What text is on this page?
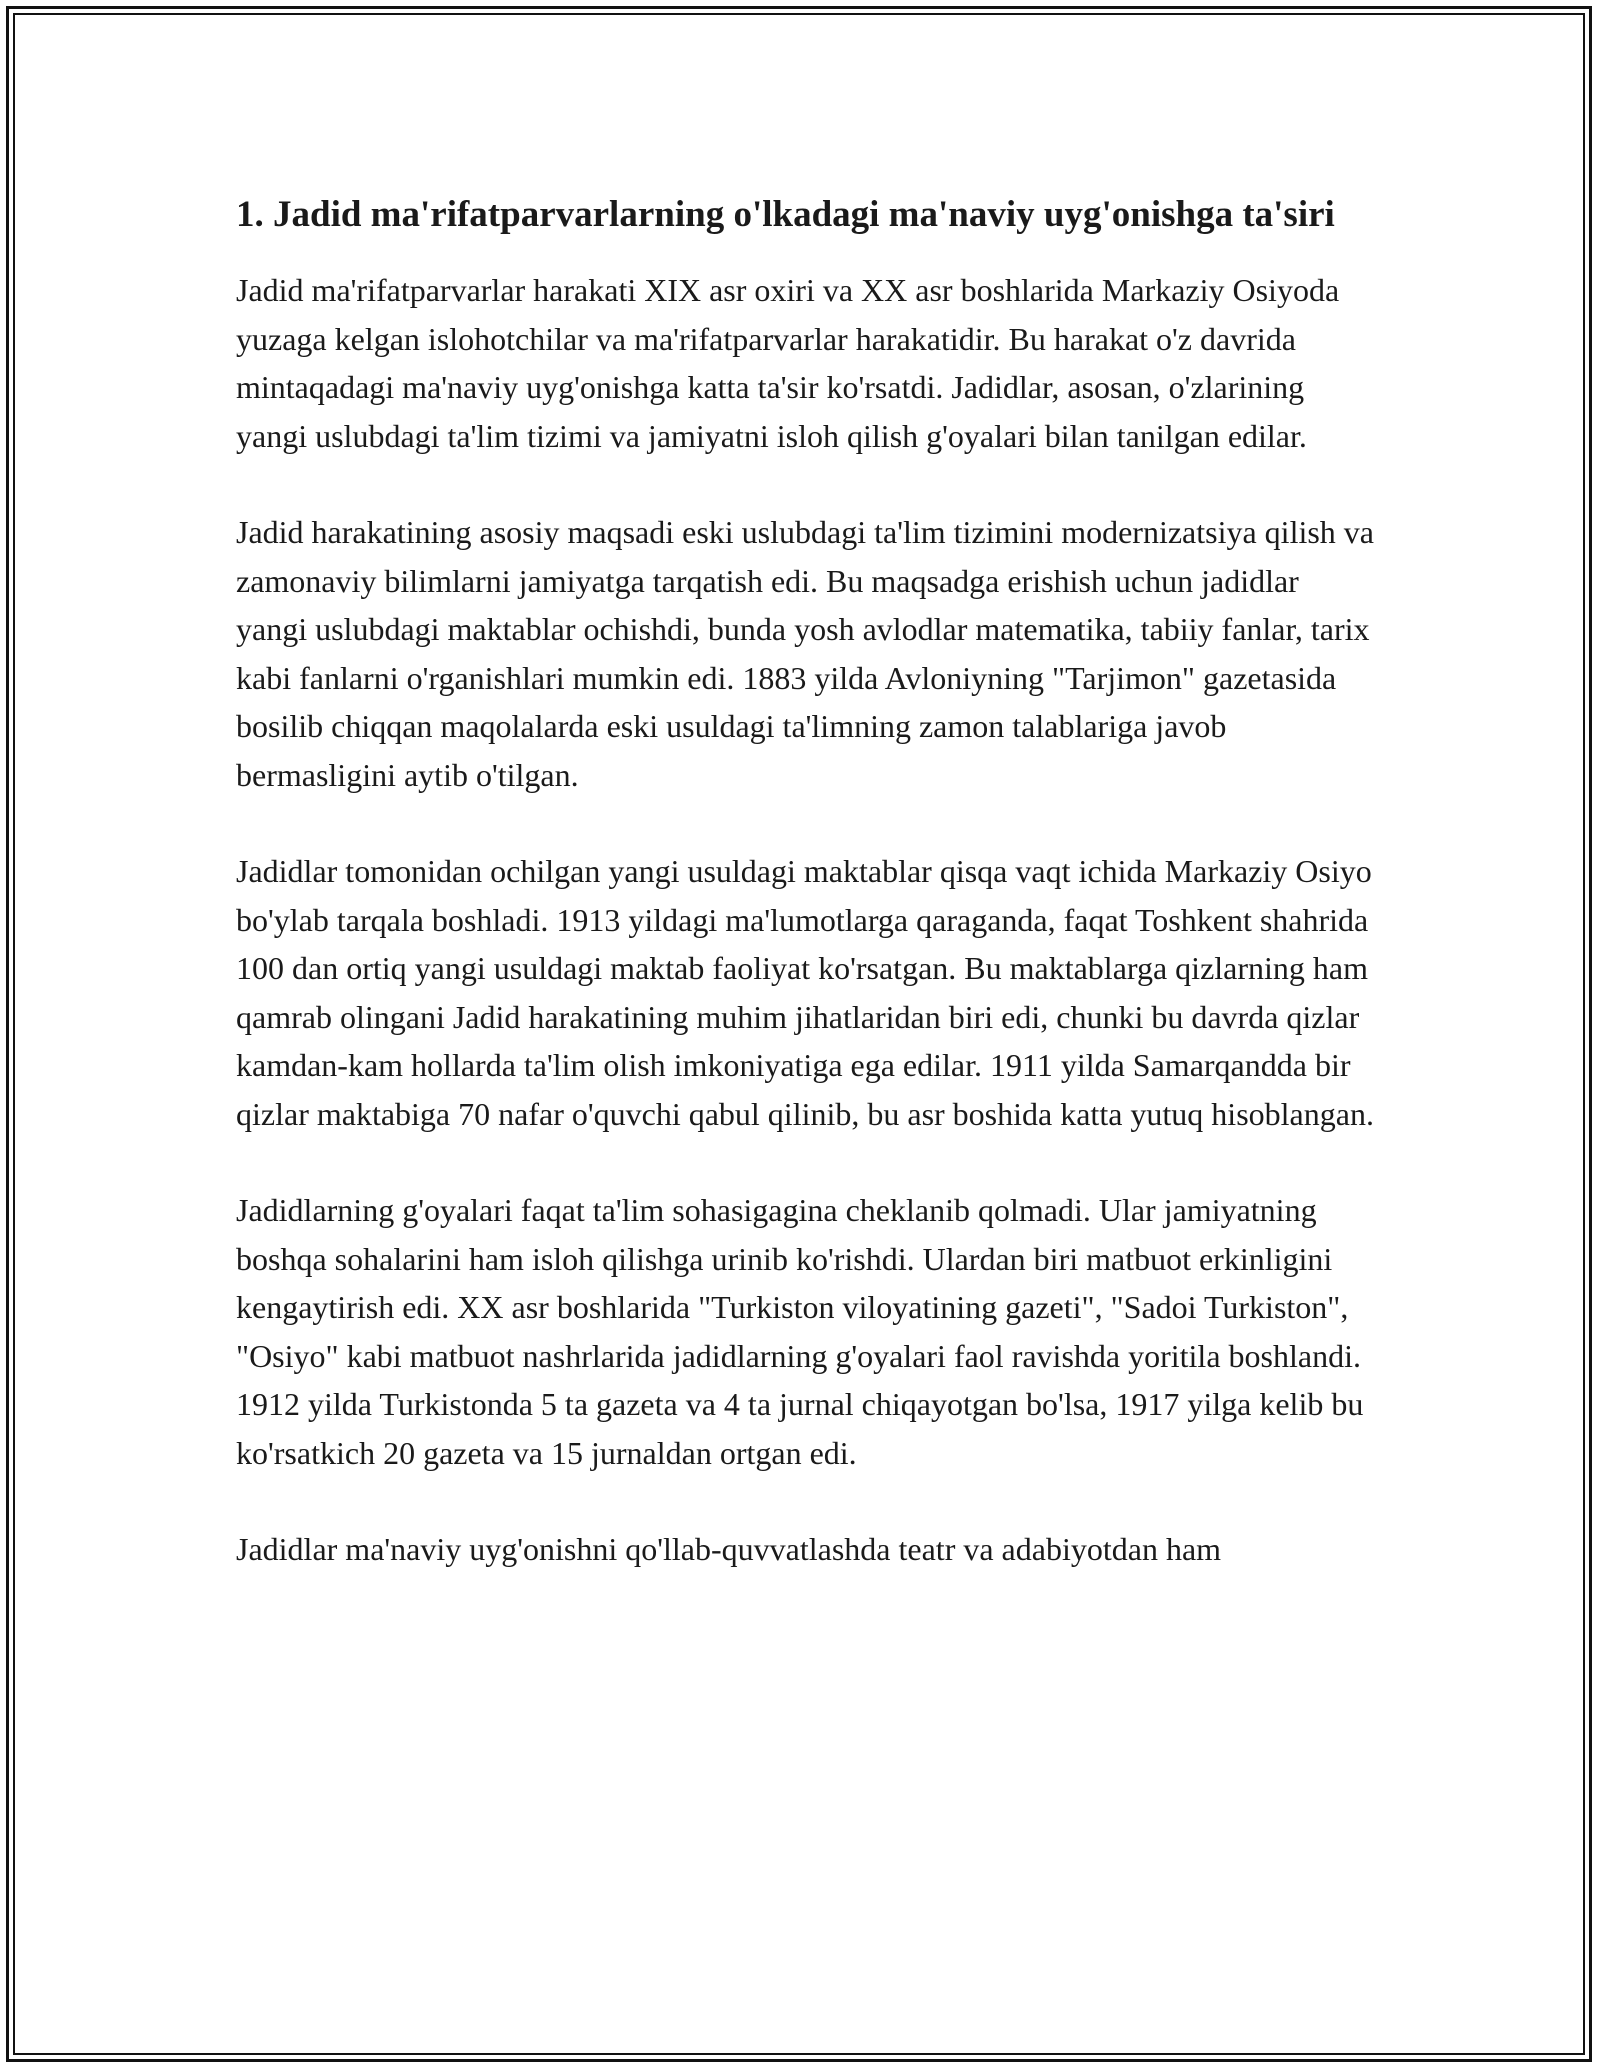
1. Jadid ma'rifatparvarlarning o'lkadagi ma'naviy uyg'onishga ta'siri

Jadid ma'rifatparvarlar harakati XIX asr oxiri va XX asr boshlarida Markaziy Osiyoda yuzaga kelgan islohotchilar va ma'rifatparvarlar harakatidir. Bu harakat o'z davrida mintaqadagi ma'naviy uyg'onishga katta ta'sir ko'rsatdi. Jadidlar, asosan, o'zlarining yangi uslubdagi ta'lim tizimi va jamiyatni isloh qilish g'oyalari bilan tanilgan edilar.

Jadid harakatining asosiy maqsadi eski uslubdagi ta'lim tizimini modernizatsiya qilish va zamonaviy bilimlarni jamiyatga tarqatish edi. Bu maqsadga erishish uchun jadidlar yangi uslubdagi maktablar ochishdi, bunda yosh avlodlar matematika, tabiiy fanlar, tarix kabi fanlarni o'rganishlari mumkin edi. 1883 yilda Avloniyning "Tarjimon" gazetasida bosilib chiqqan maqolalarda eski usuldagi ta'limning zamon talablariga javob bermasligini aytib o'tilgan.

Jadidlar tomonidan ochilgan yangi usuldagi maktablar qisqa vaqt ichida Markaziy Osiyo bo'ylab tarqala boshladi. 1913 yildagi ma'lumotlarga qaraganda, faqat Toshkent shahrida 100 dan ortiq yangi usuldagi maktab faoliyat ko'rsatgan. Bu maktablarga qizlarning ham qamrab olingani Jadid harakatining muhim jihatlaridan biri edi, chunki bu davrda qizlar kamdan-kam hollarda ta'lim olish imkoniyatiga ega edilar. 1911 yilda Samarqandda bir qizlar maktabiga 70 nafar o'quvchi qabul qilinib, bu asr boshida katta yutuq hisoblangan.

Jadidlarning g'oyalari faqat ta'lim sohasigagina cheklanib qolmadi. Ular jamiyatning boshqa sohalarini ham isloh qilishga urinib ko'rishdi. Ulardan biri matbuot erkinligini kengaytirish edi. XX asr boshlarida "Turkiston viloyatining gazeti", "Sadoi Turkiston", "Osiyo" kabi matbuot nashrlarida jadidlarning g'oyalari faol ravishda yoritila boshlandi. 1912 yilda Turkistonda 5 ta gazeta va 4 ta jurnal chiqayotgan bo'lsa, 1917 yilga kelib bu ko'rsatkich 20 gazeta va 15 jurnaldan ortgan edi.

Jadidlar ma'naviy uyg'onishni qo'llab-quvvatlashda teatr va adabiyotdan ham
